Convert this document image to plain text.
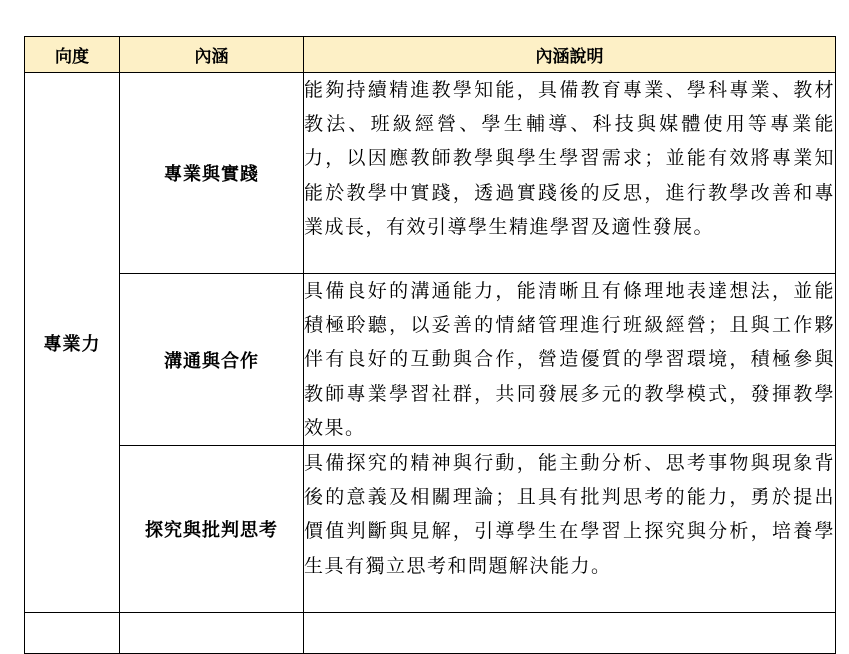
向度	內涵	內涵說明
專業力	專業與實踐	能夠持續精進教學知能，具備教育專業、學科專業、教材教法、班級經營、學生輔導、科技與媒體使用等專業能力，以因應教師教學與學生學習需求；並能有效將專業知能於教學中實踐，透過實踐後的反思，進行教學改善和專業成長，有效引導學生精進學習及適性發展。
	溝通與合作	具備良好的溝通能力，能清晰且有條理地表達想法，並能積極聆聽，以妥善的情緒管理進行班級經營；且與工作夥伴有良好的互動與合作，營造優質的學習環境，積極參與教師專業學習社群，共同發展多元的教學模式，發揮教學效果。
	探究與批判思考	具備探究的精神與行動，能主動分析、思考事物與現象背後的意義及相關理論；且具有批判思考的能力，勇於提出價值判斷與見解，引導學生在學習上探究與分析，培養學生具有獨立思考和問題解決能力。
